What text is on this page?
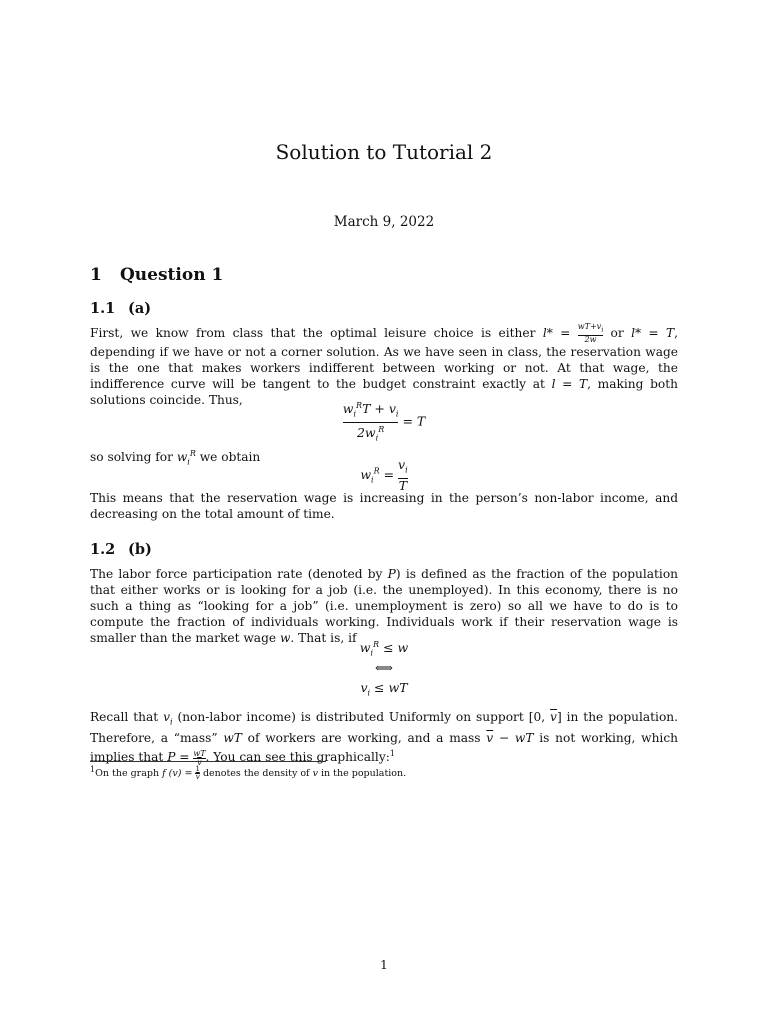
Solution to Tutorial 2
March 9, 2022
1 Question 1
1.1 (a)
First, we know from class that the optimal leisure choice is either $l* = \frac{wT+v_i}{2w}$ or l* = T, depending if we have or not a corner solution. As we have seen in class, the reservation wage is the one that makes workers indifferent between working or not. At that wage, the indifference curve will be tangent to the budget constraint exactly at l = T, making both solutions coincide. Thus,	$\frac{w_i^RT + v_i}{2w_i^R} = T$
so solving for $w_i^R$ we obtain
$w_i^R = \frac{v_i}{T}$
This means that the reservation wage is increasing in the person’s non-labor income, and decreasing on the total amount of time.
1.2 (b)
The labor force participation rate (denoted by P) is defined as the fraction of the population that either works or is looking for a job (i.e. the unemployed). In this economy, there is no such a thing as “looking for a job” (i.e. unemployment is zero) so all we have to do is to compute the fraction of individuals working. Individuals work if their reservation wage is smaller than the market wage w. That is, if
$w_i^R \le w$
⟺
$v_i$ ≤ wT
Recall that $v_i$ (non-labor income) is distributed Uniformly on support [0, $\overline{v}$] in the population. Therefore, a “mass” wT of workers are working, and a mass $\overline{v}$ − wT is not working, which implies that $P = \frac{wT}{v}$ . You can see this graphically:$^1$
$^1$On the graph f $(v) = \frac{1}{v}$ denotes the density of v in the population.
1
